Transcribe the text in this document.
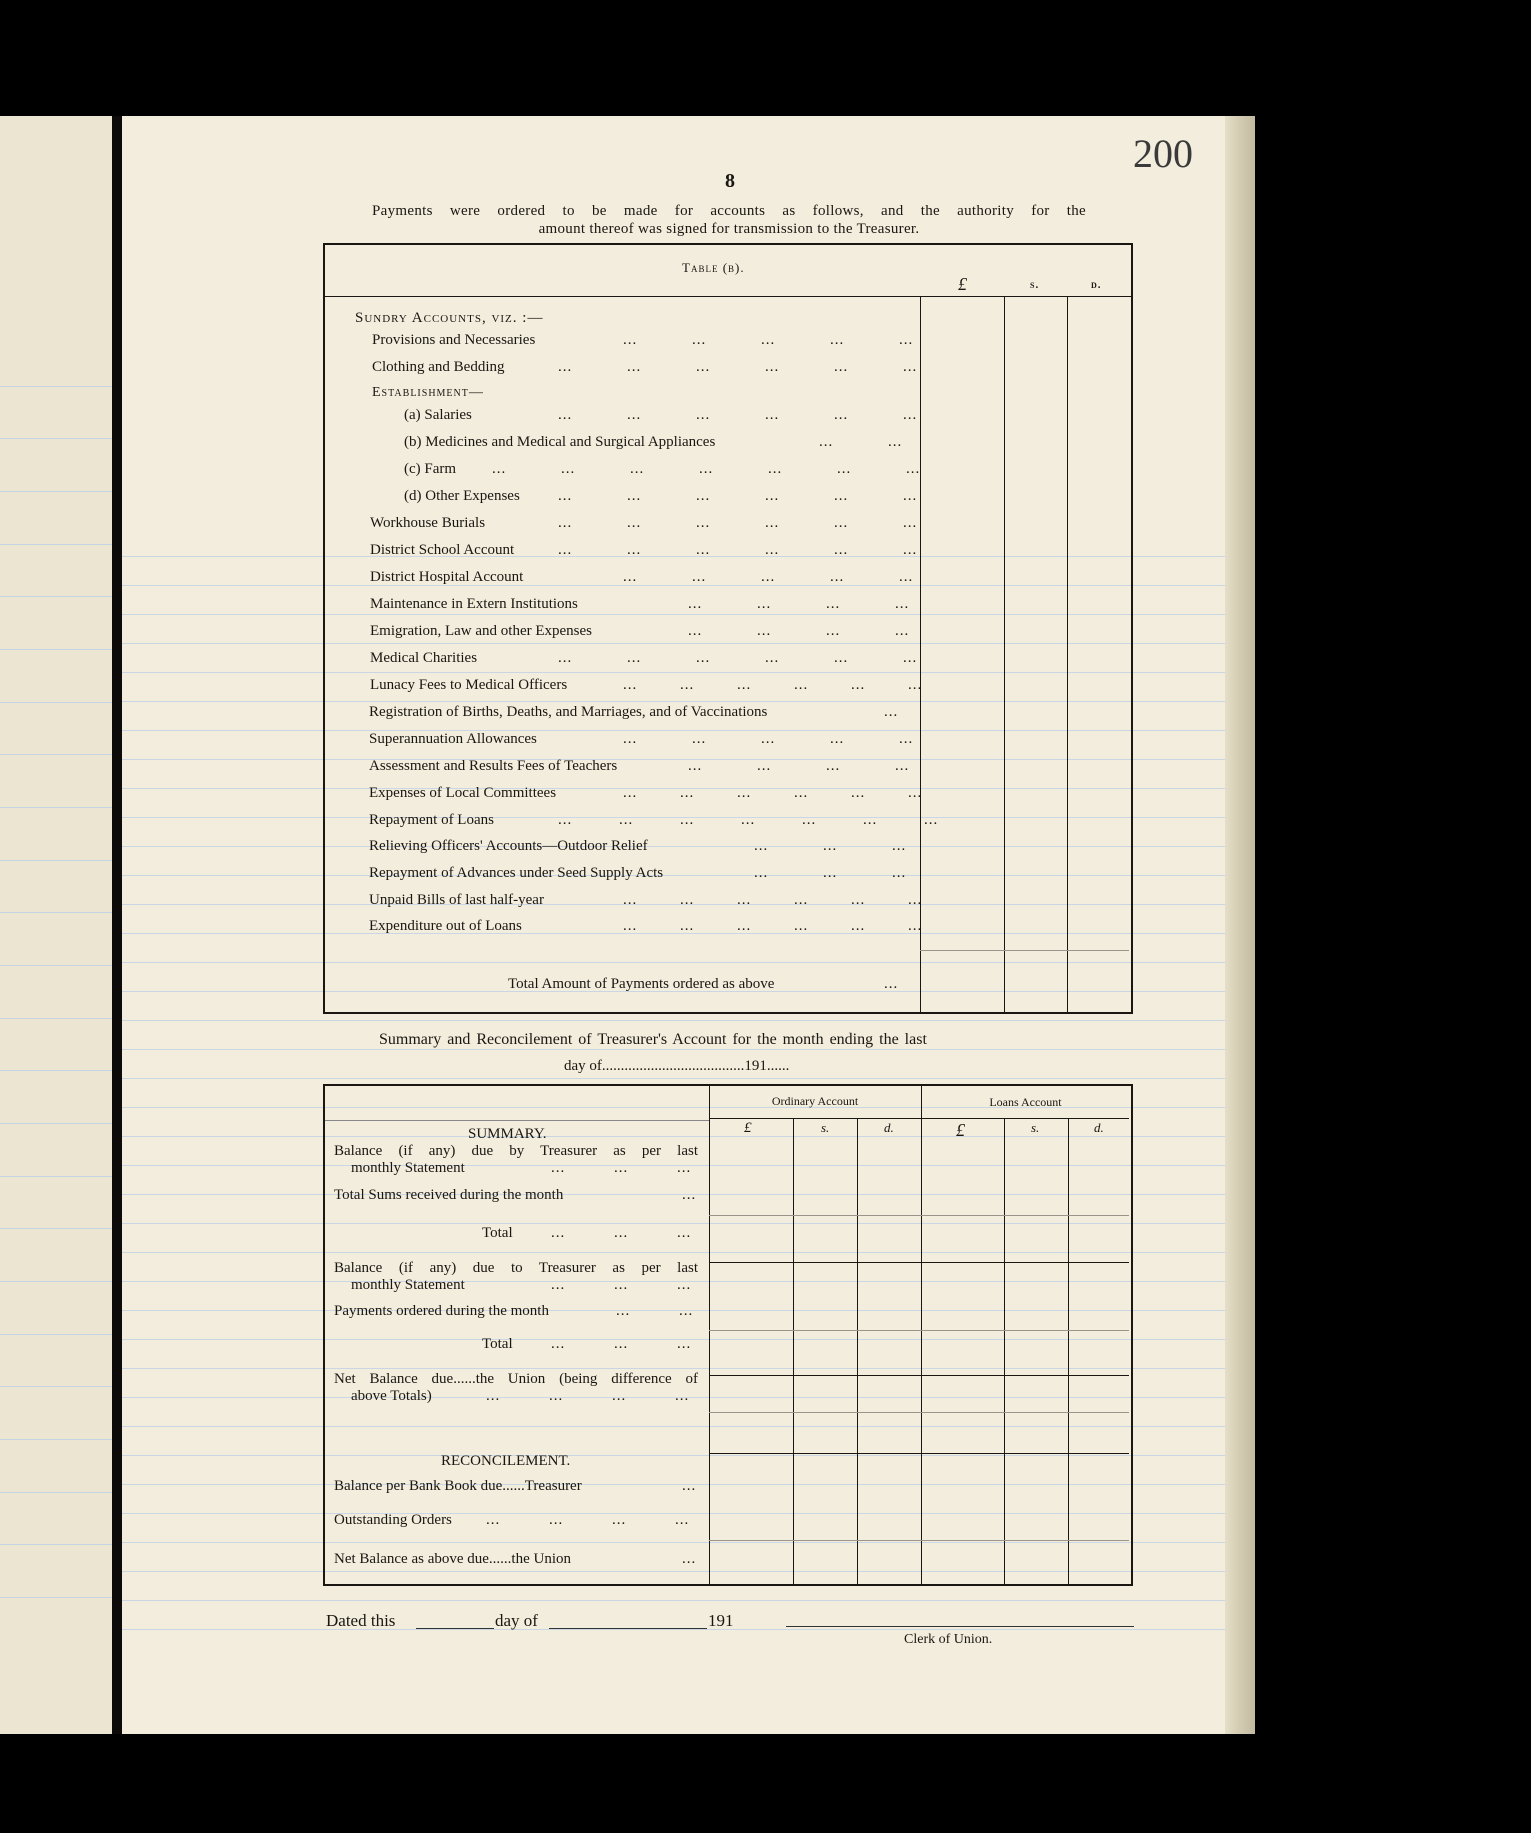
200
8
Payments were ordered to be made for accounts as follows, and the authority for the
amount thereof was signed for transmission to the Treasurer.
Table (b).
£	s.	d.
Sundry Accounts, viz. :—
Provisions and Necessaries	... ... ... ... ...
Clothing and Bedding	... ... ... ... ... ...
Establishment—
(a) Salaries	... ... ... ... ... ...
(b) Medicines and Medical and Surgical Appliances	... ...
(c) Farm ... ... ... ... ... ... ...
(d) Other Expenses	... ... ... ... ... ...
Workhouse Burials	... ... ... ... ... ...
District School Account	... ... ... ... ... ...
District Hospital Account	... ... ... ... ...
Maintenance in Extern Institutions	... ... ... ...
Emigration, Law and other Expenses	... ... ... ...
Medical Charities	... ... ... ... ... ...
Lunacy Fees to Medical Officers	... ... ... ... ... ...
Registration of Births, Deaths, and Marriages, and of Vaccinations	...
Superannuation Allowances	... ... ... ... ...
Assessment and Results Fees of Teachers	... ... ... ...
Expenses of Local Committees	... ... ... ... ... ...
Repayment of Loans	... ... ... ... ... ... ...
Relieving Officers' Accounts—Outdoor Relief	... ... ...
Repayment of Advances under Seed Supply Acts	... ... ...
Unpaid Bills of last half-year	... ... ... ... ... ...
Expenditure out of Loans	... ... ... ... ... ...
Total Amount of Payments ordered as above	...
Summary and Reconcilement of Treasurer's Account for the month ending the last
day of......................................191......
Ordinary Account	Loans Account
£	s.	d.	£	s.	d.
SUMMARY.
Balance (if any) due by Treasurer as per last
monthly Statement	... ... ...
Total Sums received during the month	...
Total	... ... ...
Balance (if any) due to Treasurer as per last
monthly Statement	... ... ...
Payments ordered during the month	... ...
Total	... ... ...
Net Balance due......the Union (being difference of
above Totals)	... ... ... ...
RECONCILEMENT.
Balance per Bank Book due......Treasurer	...
Outstanding Orders ... ... ... ...
Net Balance as above due......the Union	...
Dated this	day of	191
Clerk of Union.
